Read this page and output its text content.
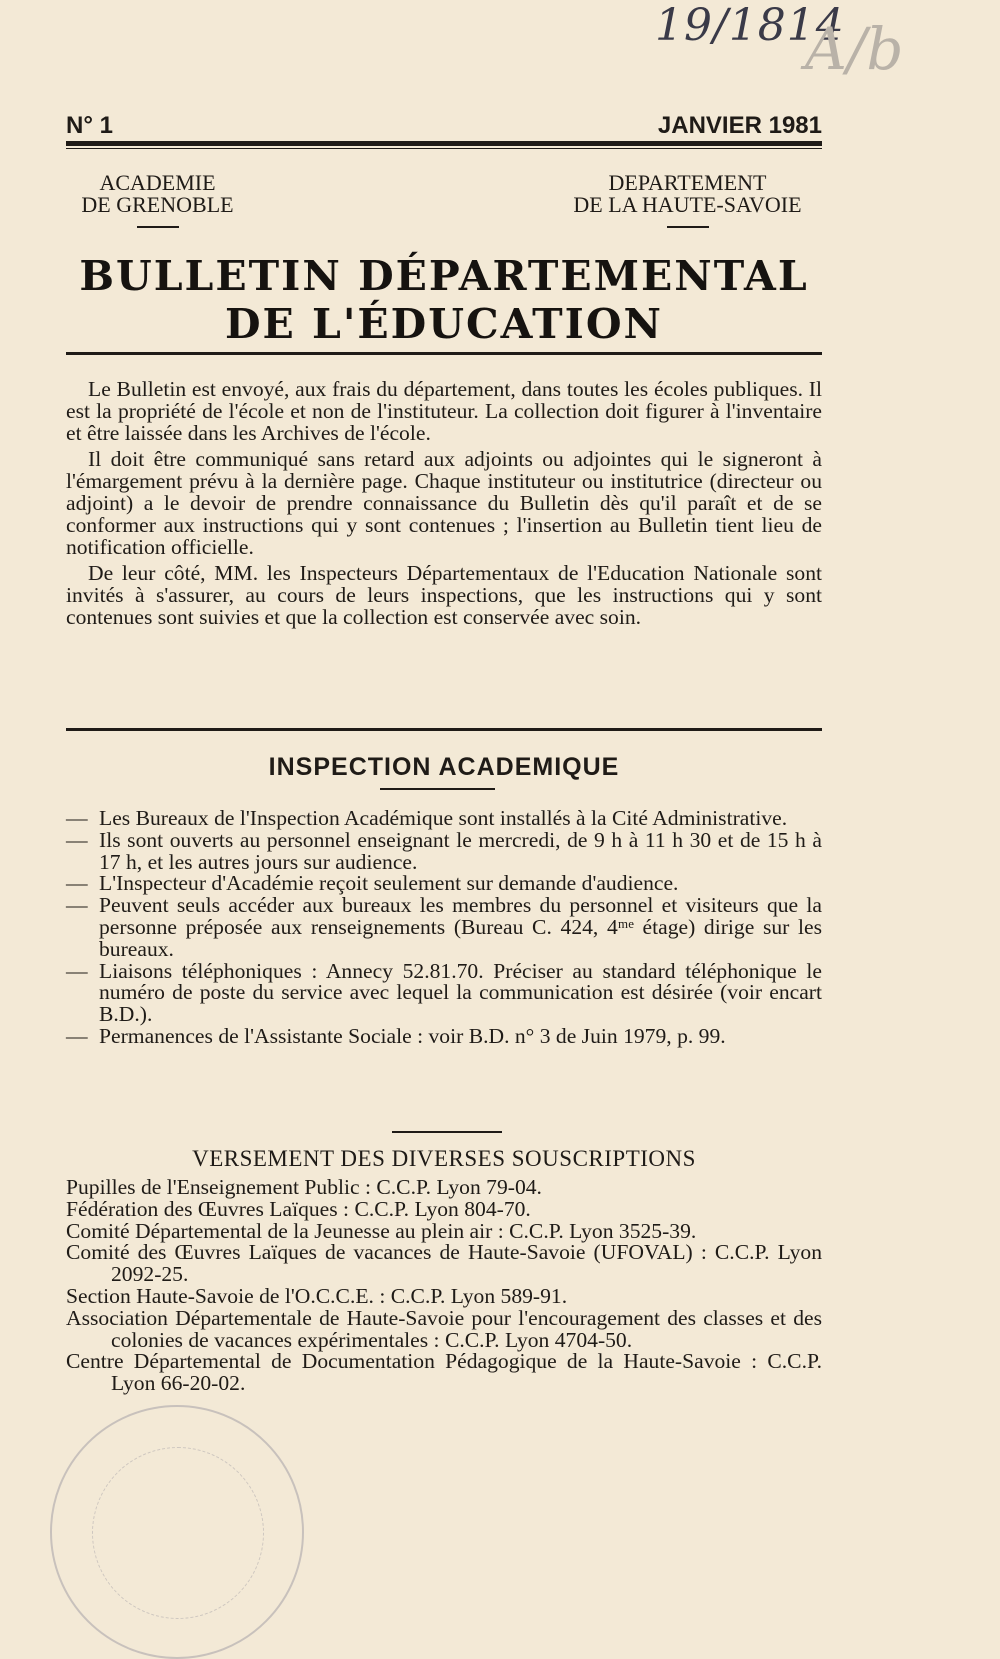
19/1814
A/b
N° 1	JANVIER 1981
ACADEMIE
DE GRENOBLE
DEPARTEMENT
DE LA HAUTE-SAVOIE
BULLETIN DÉPARTEMENTAL
DE L'ÉDUCATION

Le Bulletin est envoyé, aux frais du département, dans toutes les écoles publiques. Il est la propriété de l'école et non de l'instituteur. La collection doit figurer à l'inventaire et être laissée dans les Archives de l'école.

Il doit être communiqué sans retard aux adjoints ou adjointes qui le signeront à l'émargement prévu à la dernière page. Chaque instituteur ou institutrice (directeur ou adjoint) a le devoir de prendre connaissance du Bulletin dès qu'il paraît et de se conformer aux instructions qui y sont contenues ; l'insertion au Bulletin tient lieu de notification officielle.

De leur côté, MM. les Inspecteurs Départementaux de l'Education Nationale sont invités à s'assurer, au cours de leurs inspections, que les instructions qui y sont contenues sont suivies et que la collection est conservée avec soin.

INSPECTION ACADEMIQUE
— Les Bureaux de l'Inspection Académique sont installés à la Cité Administrative.
— Ils sont ouverts au personnel enseignant le mercredi, de 9 h à 11 h 30 et de 15 h à 17 h, et les autres jours sur audience.
— L'Inspecteur d'Académie reçoit seulement sur demande d'audience.
— Peuvent seuls accéder aux bureaux les membres du personnel et visiteurs que la personne préposée aux renseignements (Bureau C. 424, 4ᵐᵉ étage) dirige sur les bureaux.
— Liaisons téléphoniques : Annecy 52.81.70. Préciser au standard téléphonique le numéro de poste du service avec lequel la communication est désirée (voir encart B.D.).
— Permanences de l'Assistante Sociale : voir B.D. n° 3 de Juin 1979, p. 99.
VERSEMENT DES DIVERSES SOUSCRIPTIONS
Pupilles de l'Enseignement Public : C.C.P. Lyon 79-04.
Fédération des Œuvres Laïques : C.C.P. Lyon 804-70.
Comité Départemental de la Jeunesse au plein air : C.C.P. Lyon 3525-39.
Comité des Œuvres Laïques de vacances de Haute-Savoie (UFOVAL) : C.C.P. Lyon 2092-25.
Section Haute-Savoie de l'O.C.C.E. : C.C.P. Lyon 589-91.
Association Départementale de Haute-Savoie pour l'encouragement des classes et des colonies de vacances expérimentales : C.C.P. Lyon 4704-50.
Centre Départemental de Documentation Pédagogique de la Haute-Savoie : C.C.P. Lyon 66-20-02.
